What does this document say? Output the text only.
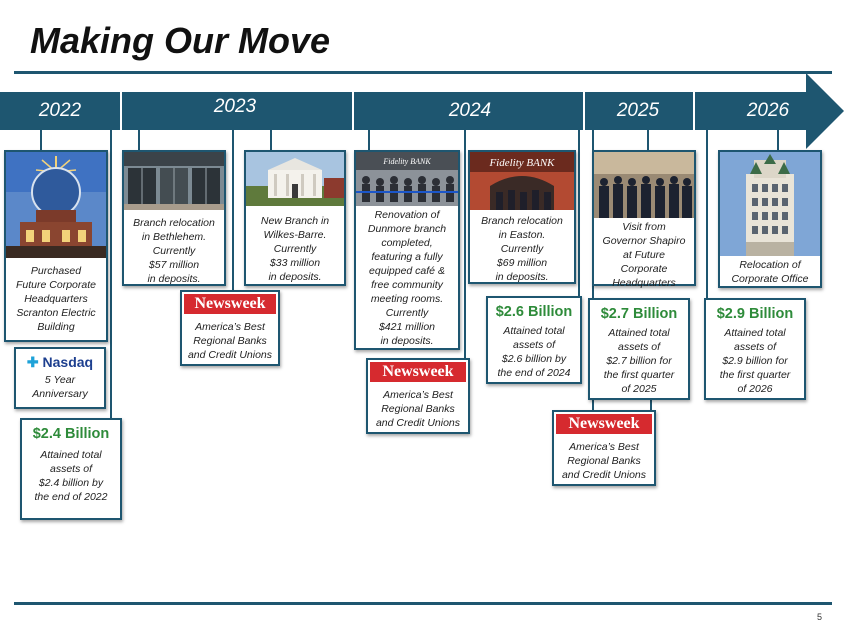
Making Our Move
2022	2023	2024	2025	2026
Purchased
Future Corporate
Headquarters
Scranton Electric
Building
✚ Nasdaq
5 Year
Anniversary
$2.4 Billion
Attained total
assets of
$2.4 billion by
the end of 2022
Branch relocation
in Bethlehem.
Currently
$57 million
in deposits.
New Branch in
Wilkes-Barre.
Currently
$33 million
in deposits.
Newsweek
America’s Best
Regional Banks
and Credit Unions
Fidelity BANK
Renovation of
Dunmore branch
completed,
featuring a fully
equipped café &
free community
meeting rooms.
Currently
$421 million
in deposits.
Newsweek
America’s Best
Regional Banks
and Credit Unions
Fidelity BANK
Branch relocation
in Easton.
Currently
$69 million
in deposits.
$2.6 Billion
Attained total
assets of
$2.6 billion by
the end of 2024
Visit from
Governor Shapiro
at Future
Corporate
Headquarters
$2.7 Billion
Attained total
assets of
$2.7 billion for
the first quarter
of 2025
Newsweek
America’s Best
Regional Banks
and Credit Unions
Relocation of
Corporate Office
$2.9 Billion
Attained total
assets of
$2.9 billion for
the first quarter
of 2026
5
